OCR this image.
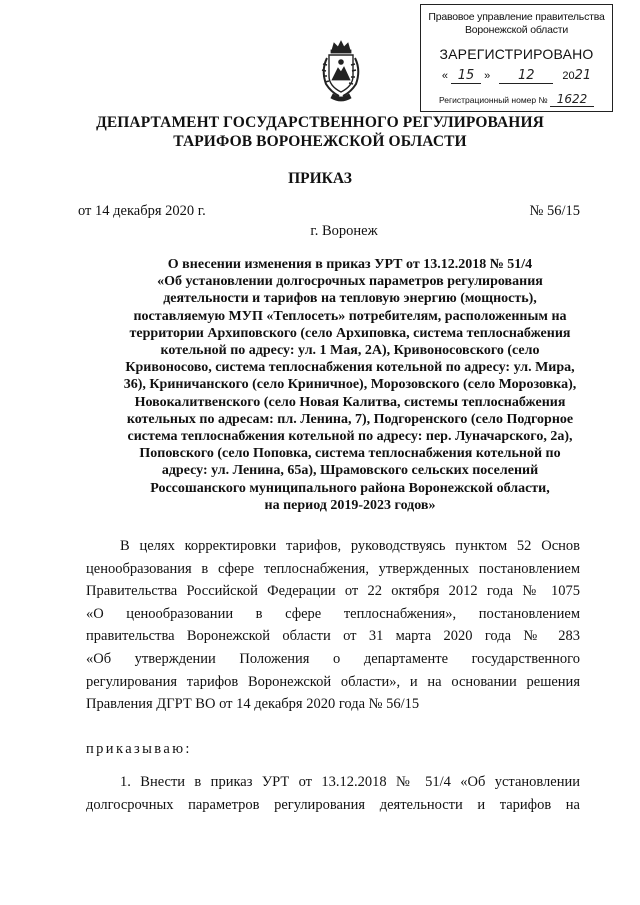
Правовое управление правительства
Воронежской области
ЗАРЕГИСТРИРОВАНО
« 15 » 12	2021
Регистрационный номер № 1622
ДЕПАРТАМЕНТ ГОСУДАРСТВЕННОГО РЕГУЛИРОВАНИЯ
ТАРИФОВ ВОРОНЕЖСКОЙ ОБЛАСТИ
ПРИКАЗ
от 14 декабря 2020 г.	№ 56/15
г. Воронеж
О внесении изменения в приказ УРТ от 13.12.2018 № 51/4
«Об установлении долгосрочных параметров регулирования
деятельности и тарифов на тепловую энергию (мощность),
поставляемую МУП «Теплосеть» потребителям, расположенным на
территории Архиповского (село Архиповка, система теплоснабжения
котельной по адресу: ул. 1 Мая, 2А), Кривоносовского (село
Кривоносово, система теплоснабжения котельной по адресу: ул. Мира,
36), Криничанского (село Криничное), Морозовского (село Морозовка),
Новокалитвенского (село Новая Калитва, системы теплоснабжения
котельных по адресам: пл. Ленина, 7), Подгоренского (село Подгорное
система теплоснабжения котельной по адресу: пер. Луначарского, 2а),
Поповского (село Поповка, система теплоснабжения котельной по
адресу: ул. Ленина, 65а), Шрамовского сельских поселений
Россошанского муниципального района Воронежской области,
на период 2019-2023 годов»
В целях корректировки тарифов, руководствуясь пунктом 52 Основ
ценообразования в сфере теплоснабжения, утвержденных постановлением
Правительства Российской Федерации от 22 октября 2012 года № 1075
«О ценообразовании в сфере теплоснабжения», постановлением
правительства Воронежской области от 31 марта 2020 года № 283
«Об утверждении Положения о департаменте государственного
регулирования тарифов Воронежской области», и на основании решения
Правления ДГРТ ВО от 14 декабря 2020 года № 56/15
приказываю:
1. Внести в приказ УРТ от 13.12.2018 № 51/4 «Об установлении
долгосрочных параметров регулирования деятельности и тарифов на
